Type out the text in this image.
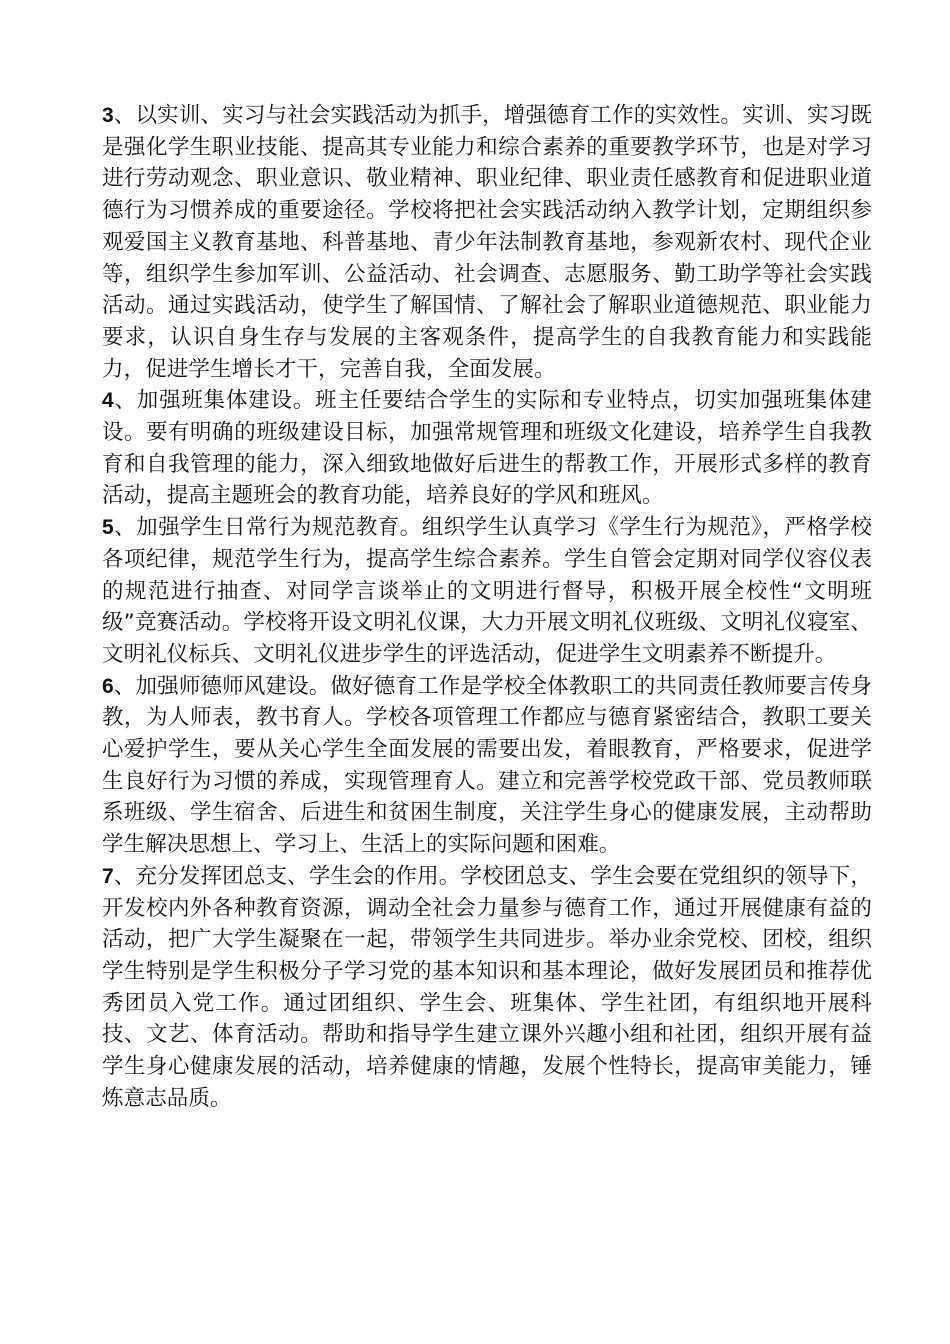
3、以实训、实习与社会实践活动为抓手，增强德育工作的实效性。实训、实习既是强化学生职业技能、提高其专业能力和综合素养的重要教学环节，也是对学习进行劳动观念、职业意识、敬业精神、职业纪律、职业责任感教育和促进职业道德行为习惯养成的重要途径。学校将把社会实践活动纳入教学计划，定期组织参观爱国主义教育基地、科普基地、青少年法制教育基地，参观新农村、现代企业等，组织学生参加军训、公益活动、社会调查、志愿服务、勤工助学等社会实践活动。通过实践活动，使学生了解国情、了解社会了解职业道德规范、职业能力要求，认识自身生存与发展的主客观条件，提高学生的自我教育能力和实践能力，促进学生增长才干，完善自我，全面发展。

4、加强班集体建设。班主任要结合学生的实际和专业特点，切实加强班集体建设。要有明确的班级建设目标，加强常规管理和班级文化建设，培养学生自我教育和自我管理的能力，深入细致地做好后进生的帮教工作，开展形式多样的教育活动，提高主题班会的教育功能，培养良好的学风和班风。

5、加强学生日常行为规范教育。组织学生认真学习《学生行为规范》，严格学校各项纪律，规范学生行为，提高学生综合素养。学生自管会定期对同学仪容仪表的规范进行抽查、对同学言谈举止的文明进行督导，积极开展全校性“文明班级”竞赛活动。学校将开设文明礼仪课，大力开展文明礼仪班级、文明礼仪寝室、文明礼仪标兵、文明礼仪进步学生的评选活动，促进学生文明素养不断提升。

6、加强师德师风建设。做好德育工作是学校全体教职工的共同责任教师要言传身教，为人师表，教书育人。学校各项管理工作都应与德育紧密结合，教职工要关心爱护学生，要从关心学生全面发展的需要出发，着眼教育，严格要求，促进学生良好行为习惯的养成，实现管理育人。建立和完善学校党政干部、党员教师联系班级、学生宿舍、后进生和贫困生制度，关注学生身心的健康发展，主动帮助学生解决思想上、学习上、生活上的实际问题和困难。

7、充分发挥团总支、学生会的作用。学校团总支、学生会要在党组织的领导下，开发校内外各种教育资源，调动全社会力量参与德育工作，通过开展健康有益的活动，把广大学生凝聚在一起，带领学生共同进步。举办业余党校、团校，组织学生特别是学生积极分子学习党的基本知识和基本理论，做好发展团员和推荐优秀团员入党工作。通过团组织、学生会、班集体、学生社团，有组织地开展科技、文艺、体育活动。帮助和指导学生建立课外兴趣小组和社团，组织开展有益学生身心健康发展的活动，培养健康的情趣，发展个性特长，提高审美能力，锤炼意志品质。
